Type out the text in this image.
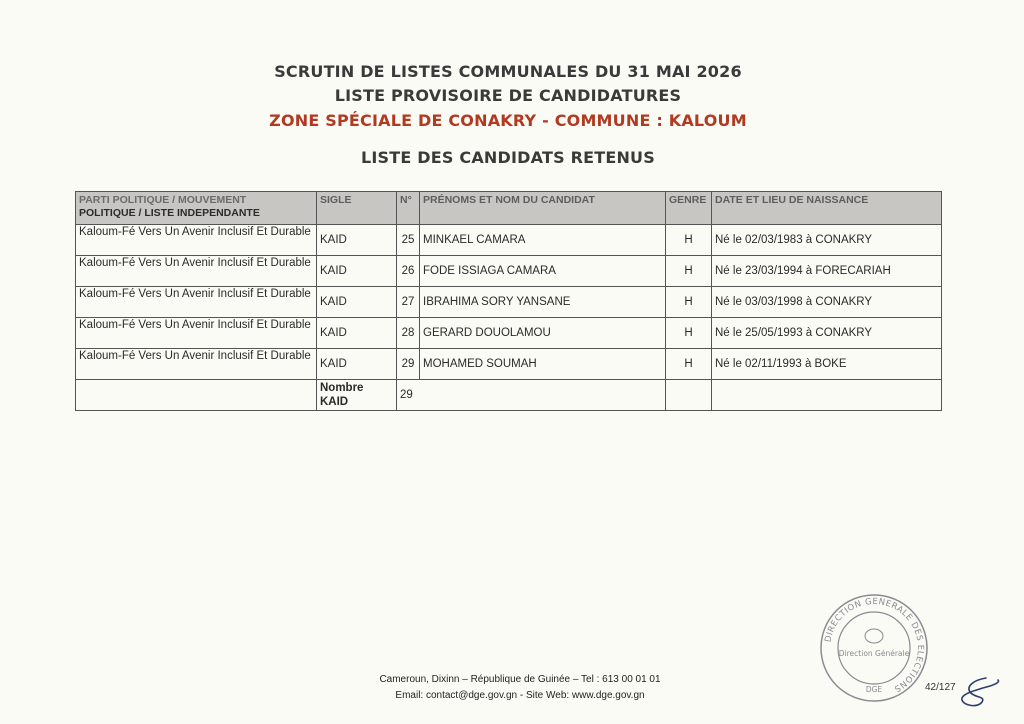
SCRUTIN DE LISTES COMMUNALES DU 31 MAI 2026
LISTE PROVISOIRE DE CANDIDATURES
ZONE SPÉCIALE DE CONAKRY - COMMUNE : KALOUM
LISTE DES CANDIDATS RETENUS
PARTI POLITIQUE / MOUVEMENT
POLITIQUE / LISTE INDEPENDANTE	SIGLE	N°	PRÉNOMS ET NOM DU CANDIDAT	GENRE	DATE ET LIEU DE NAISSANCE
Kaloum-Fé Vers Un Avenir Inclusif Et Durable	KAID	25	MINKAEL CAMARA	H	Né le 02/03/1983 à CONAKRY
Kaloum-Fé Vers Un Avenir Inclusif Et Durable	KAID	26	FODE ISSIAGA CAMARA	H	Né le 23/03/1994 à FORECARIAH
Kaloum-Fé Vers Un Avenir Inclusif Et Durable	KAID	27	IBRAHIMA SORY YANSANE	H	Né le 03/03/1998 à CONAKRY
Kaloum-Fé Vers Un Avenir Inclusif Et Durable	KAID	28	GERARD DOUOLAMOU	H	Né le 25/05/1993 à CONAKRY
Kaloum-Fé Vers Un Avenir Inclusif Et Durable	KAID	29	MOHAMED SOUMAH	H	Né le 02/11/1993 à BOKE
	Nombre KAID	29			
DIRECTION GENERALE DES ELECTIONS
Direction Générale
DGE
Cameroun, Dixinn – République de Guinée – Tel : 613 00 01 01
Email: contact@dge.gov.gn - Site Web: www.dge.gov.gn
42/127
